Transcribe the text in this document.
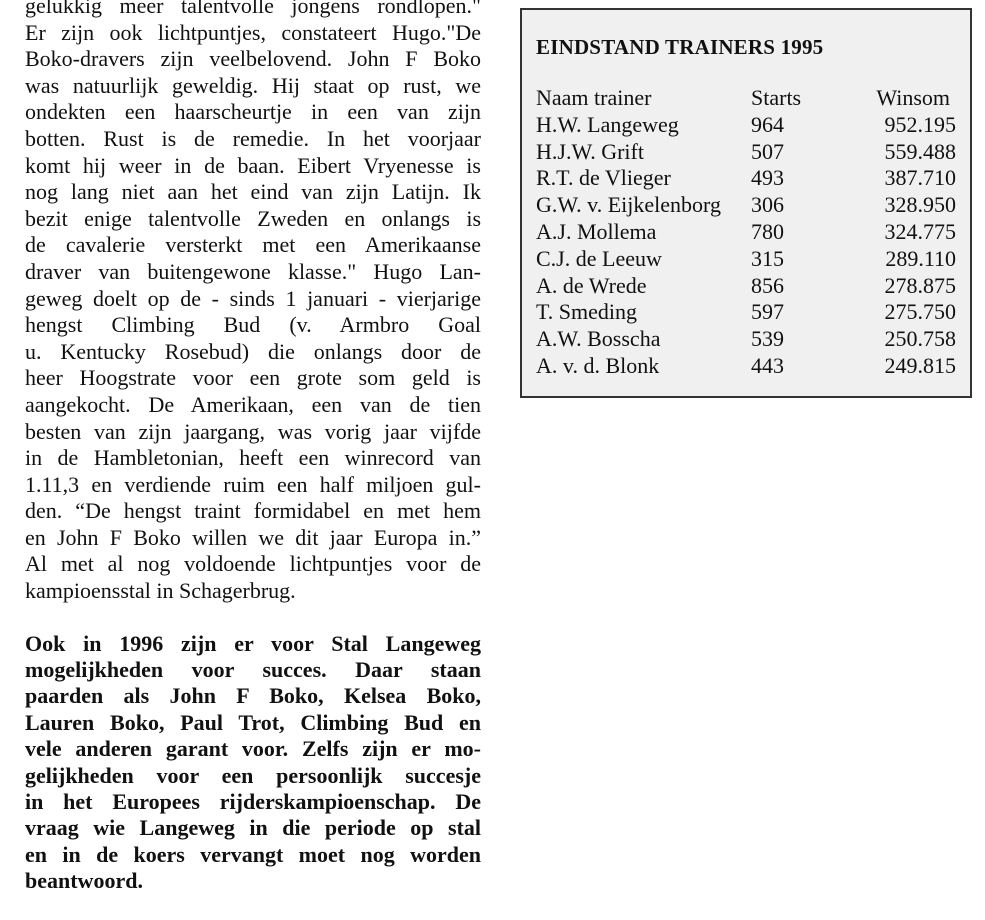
gelukkig meer talentvolle jongens rondlopen."
Er zijn ook lichtpuntjes, constateert Hugo."De
Boko-dravers zijn veelbelovend. John F Boko
was natuurlijk geweldig. Hij staat op rust, we
ondekten een haarscheurtje in een van zijn
botten. Rust is de remedie. In het voorjaar
komt hij weer in de baan. Eibert Vryenesse is
nog lang niet aan het eind van zijn Latijn. Ik
bezit enige talentvolle Zweden en onlangs is
de cavalerie versterkt met een Amerikaanse
draver van buitengewone klasse." Hugo Lan-
geweg doelt op de - sinds 1 januari - vierjarige
hengst Climbing Bud (v. Armbro Goal
u. Kentucky Rosebud) die onlangs door de
heer Hoogstrate voor een grote som geld is
aangekocht. De Amerikaan, een van de tien
besten van zijn jaargang, was vorig jaar vijfde
in de Hambletonian, heeft een winrecord van
1.11,3 en verdiende ruim een half miljoen gul-
den. “De hengst traint formidabel en met hem
en John F Boko willen we dit jaar Europa in.”
Al met al nog voldoende lichtpuntjes voor de
kampioensstal in Schagerbrug.
Ook in 1996 zijn er voor Stal Langeweg
mogelijkheden voor succes. Daar staan
paarden als John F Boko, Kelsea Boko,
Lauren Boko, Paul Trot, Climbing Bud en
vele anderen garant voor. Zelfs zijn er mo-
gelijkheden voor een persoonlijk succesje
in het Europees rijderskampioenschap. De
vraag wie Langeweg in die periode op stal
en in de koers vervangt moet nog worden
beantwoord.
EINDSTAND TRAINERS 1995
Naam trainer	Starts	Winsom
H.W. Langeweg	964	952.195
H.J.W. Grift	507	559.488
R.T. de Vlieger	493	387.710
G.W. v. Eijkelenborg 306	328.950
A.J. Mollema	780	324.775
C.J. de Leeuw	315	289.110
A. de Wrede	856	278.875
T. Smeding	597	275.750
A.W. Bosscha	539	250.758
A. v. d. Blonk	443	249.815
